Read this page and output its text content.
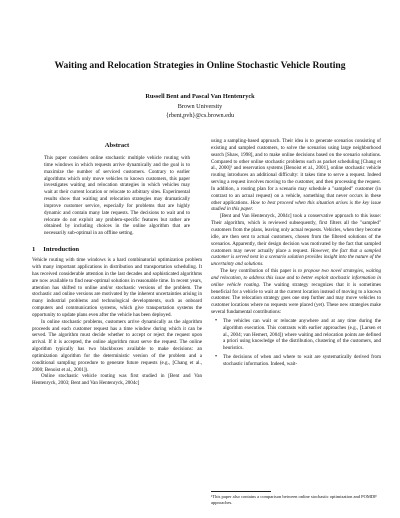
Waiting and Relocation Strategies in Online Stochastic Vehicle Routing
Russell Bent and Pascal Van Hentenryck
Brown University
{rbent,pvh}@cs.brown.edu
Abstract
This paper considers online stochastic multiple vehicle routing with time windows in which requests arrive dynamically and the goal is to maximize the number of serviced customers. Contrary to earlier algorithms which only move vehicles to known customers, this paper investigates waiting and relocation strategies in which vehicles may wait at their current location or relocate to arbitrary sites. Experimental results show that waiting and relocation strategies may dramatically improve customer service, especially for problems that are highly dynamic and contain many late requests. The decisions to wait and to relocate do not exploit any problem-specific features but rather are obtained by including choices in the online algorithm that are necessarily sub-optimal in an offline setting.
1 Introduction

Vehicle routing with time windows is a hard combinatorial optimization problem with many important applications in distribution and transportation scheduling. It has received considerable attention in the last decades and sophisticated algorithms are now available to find near-optimal solutions in reasonable time. In recent years, attention has shifted to online and/or stochastic versions of the problem. The stochastic and online versions are motivated by the inherent uncertainties arising in many industrial problems and technological developments, such as onboard computers and communication systems, which give transportation systems the opportunity to update plans even after the vehicle has been deployed.

In online stochastic problems, customers arrive dynamically as the algorithm proceeds and each customer request has a time window during which it can be served. The algorithm must decide whether to accept or reject the request upon arrival. If it is accepted, the online algorithm must serve the request. The online algorithm typically has two blackboxes available to make decisions: an optimization algorithm for the deterministic version of the problem and a conditional sampling procedure to generate future requests (e.g., [Chang et al., 2000; Benoist et al., 2001]).

Online stochastic vehicle routing was first studied in [Bent and Van Hentenryck, 2003; Bent and Van Hentenryck, 2004c]

using a sampling-based approach. Their idea is to generate scenarios consisting of existing and sampled customers, to solve the scenarios using large neighborhood search [Shaw, 1998], and to make online decisions based on the scenario solutions. Compared to other online stochastic problems such as packet scheduling [Chang et al., 2000]¹ and reservation systems [Benoist et al., 2001], online stochastic vehicle routing introduces an additional difficulty: it takes time to serve a request. Indeed serving a request involves moving to the customer, and then processing the request. In addition, a routing plan for a scenario may schedule a "sampled" customer (in contrast to an actual request) on a vehicle, something that never occurs in these other applications. How to best proceed when this situation arises is the key issue studied in this paper.

[Bent and Van Hentenryck, 2004c] took a conservative approach to this issue: Their algorithm, which is reviewed subsequently, first filters all the "sampled" customers from the plans, leaving only actual requests. Vehicles, when they become idle, are then sent to actual customers, chosen from the filtered solutions of the scenarios. Apparently, their design decision was motivated by the fact that sampled customers may never actually place a request. However, the fact that a sampled customer is served next in a scenario solution provides insight into the nature of the uncertainty and solutions.

The key contribution of this paper is to propose two novel strategies, waiting and relocation, to address this issue and to better exploit stochastic information in online vehicle routing. The waiting strategy recognizes that it is sometimes beneficial for a vehicle to wait at the current location instead of moving to a known customer. The relocation strategy goes one step further and may move vehicles to customer locations where no requests were placed (yet). These new strategies make several fundamental contributions:

• The vehicles can wait or relocate anywhere and at any time during the algorithm execution. This contrasts with earlier approaches (e.g., [Larsen et al., 2004; van Hemert, 2004]) where waiting and relocation points are defined a priori using knowledge of the distribution, clustering of the customers, and heuristics.
• The decisions of when and where to wait are systematically derived from stochastic information. Indeed, wait-
¹This paper also contains a comparison between online stochastic optimization and POMDP approaches.
